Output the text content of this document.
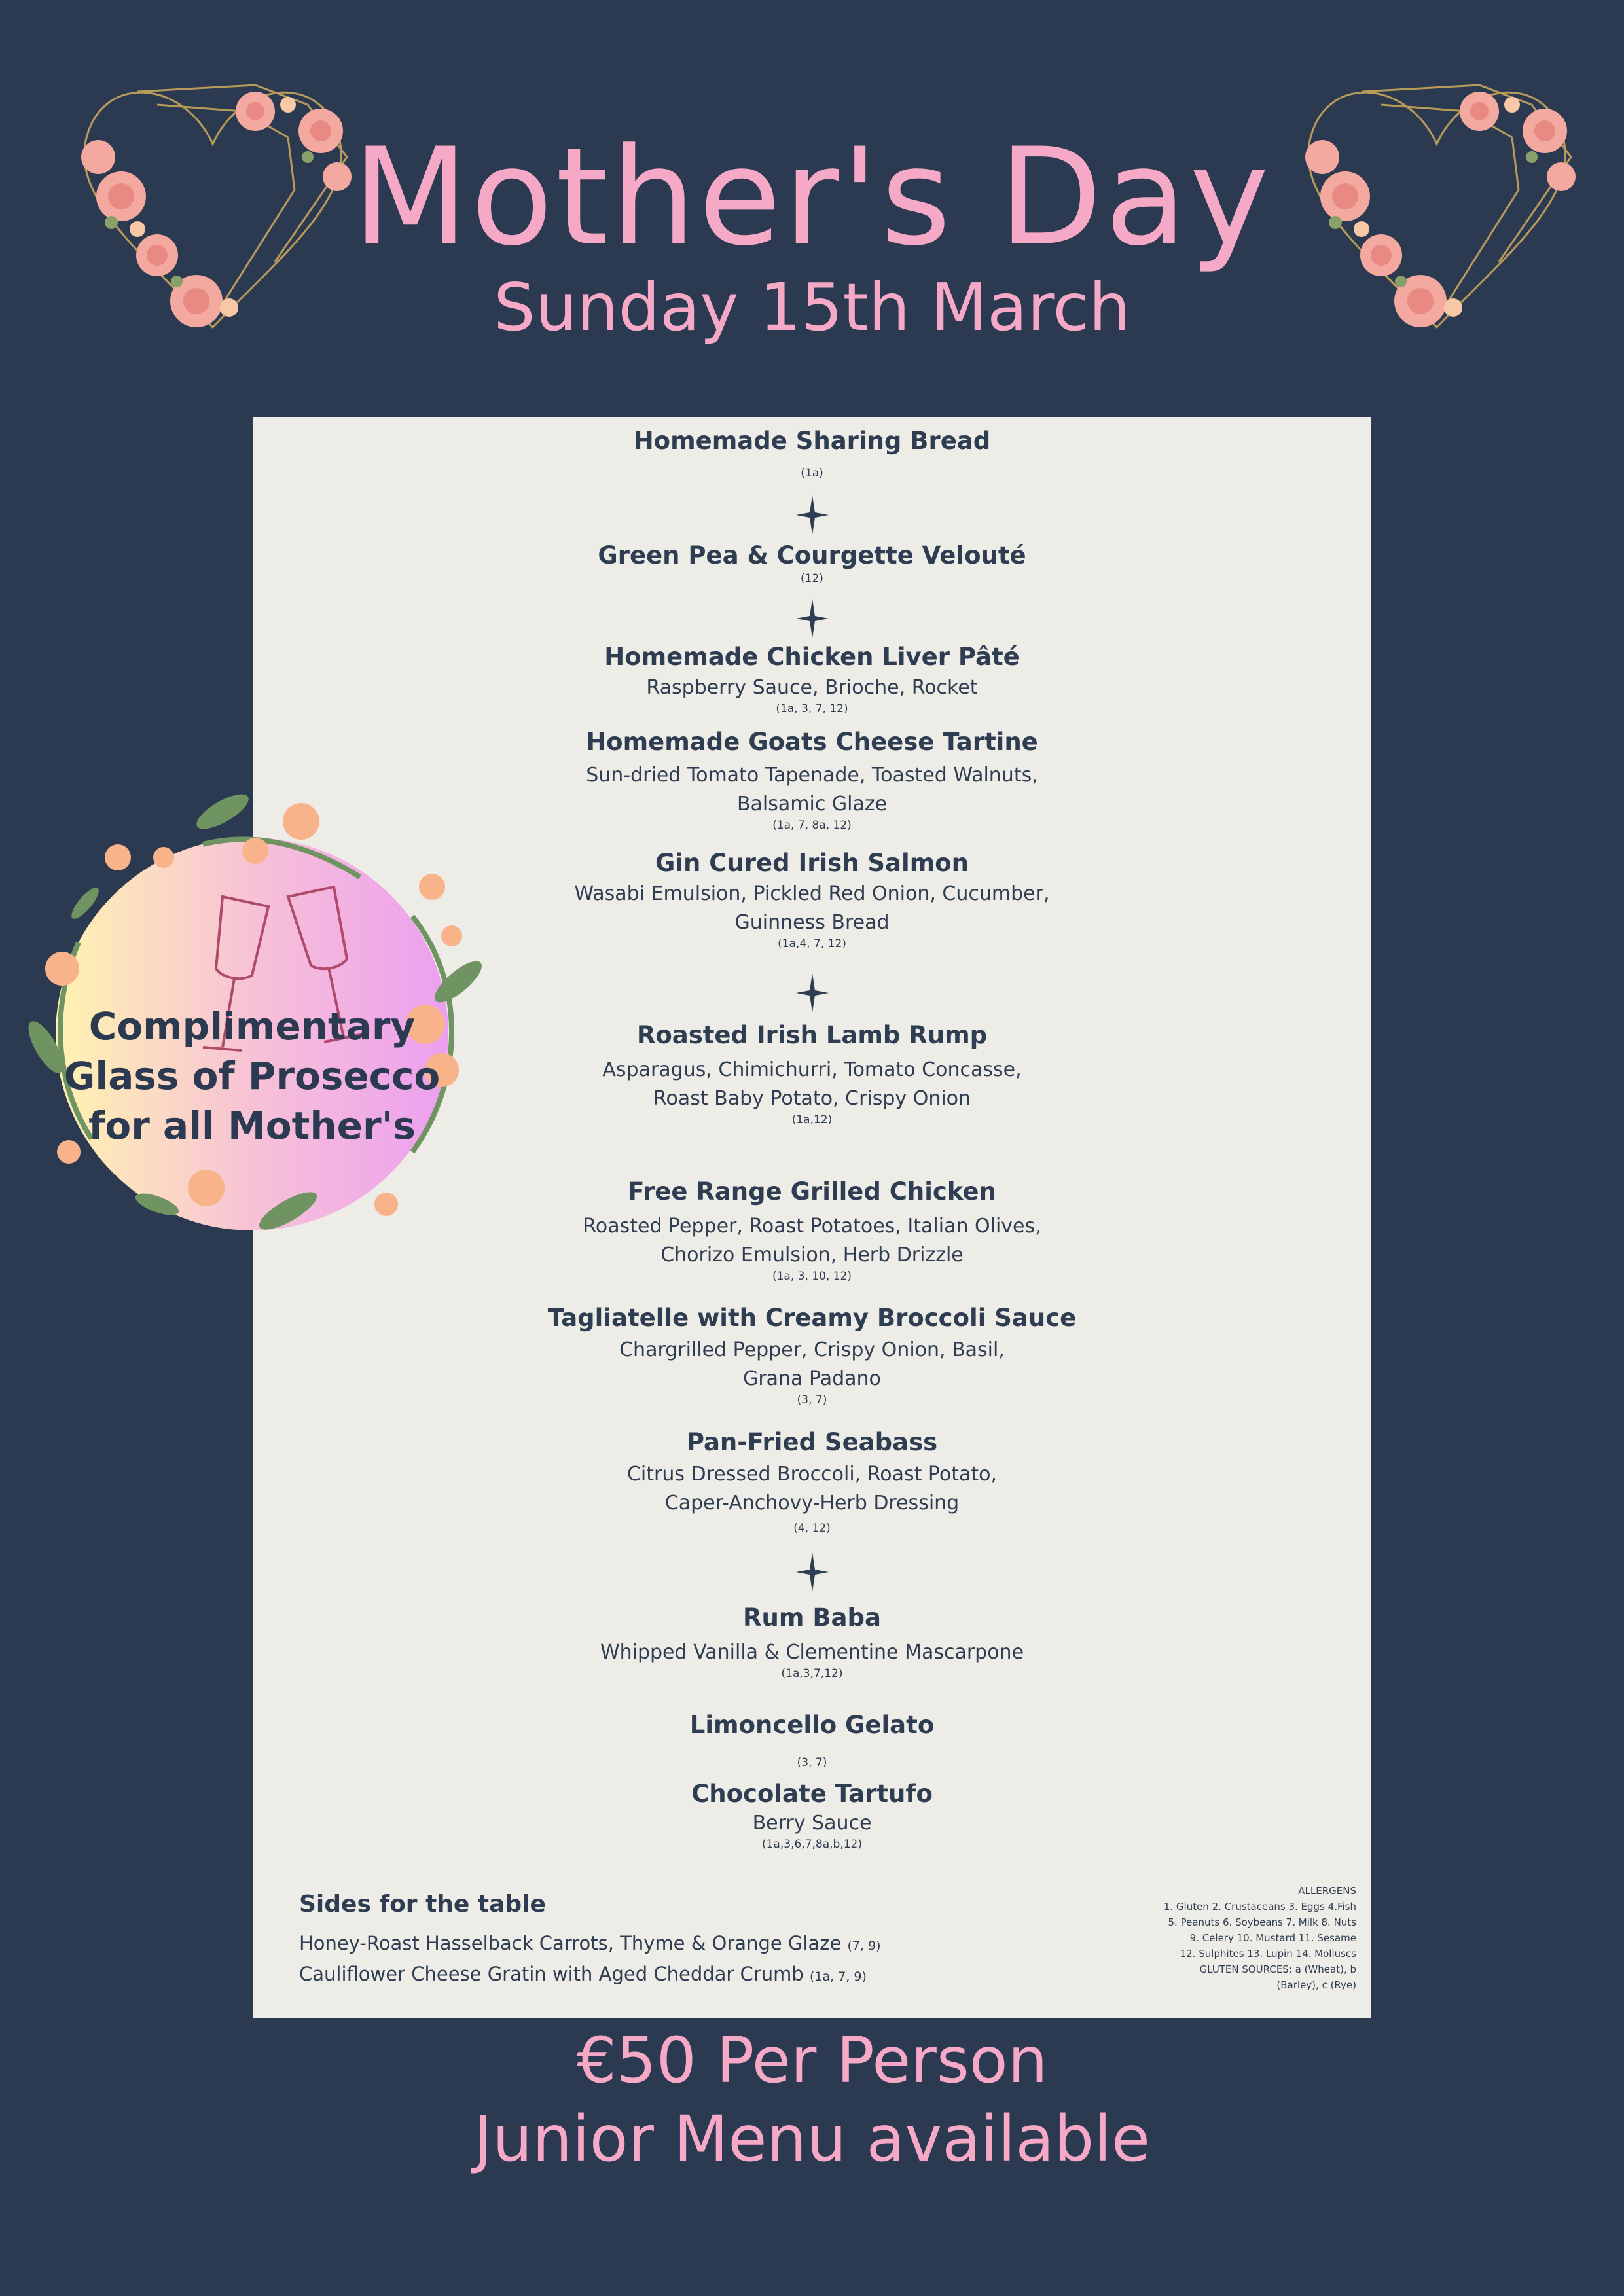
Mother's Day
Sunday 15th March
Homemade Sharing Bread
(1a)
Green Pea & Courgette Velouté
(12)
Homemade Chicken Liver Pâté
Raspberry Sauce, Brioche, Rocket
(1a, 3, 7, 12)
Homemade Goats Cheese Tartine
Sun-dried Tomato Tapenade, Toasted Walnuts,
Balsamic Glaze
(1a, 7, 8a, 12)
Gin Cured Irish Salmon
Wasabi Emulsion, Pickled Red Onion, Cucumber,
Guinness Bread
(1a,4, 7, 12)
Roasted Irish Lamb Rump
Asparagus, Chimichurri, Tomato Concasse,
Roast Baby Potato, Crispy Onion
(1a,12)
Free Range Grilled Chicken
Roasted Pepper, Roast Potatoes, Italian Olives,
Chorizo Emulsion, Herb Drizzle
(1a, 3, 10, 12)
Tagliatelle with Creamy Broccoli Sauce
Chargrilled Pepper, Crispy Onion, Basil,
Grana Padano
(3, 7)
Pan-Fried Seabass
Citrus Dressed Broccoli, Roast Potato,
Caper-Anchovy-Herb Dressing
(4, 12)
Rum Baba
Whipped Vanilla & Clementine Mascarpone
(1a,3,7,12)
Limoncello Gelato
(3, 7)
Chocolate Tartufo
Berry Sauce
(1a,3,6,7,8a,b,12)
Sides for the table
Honey-Roast Hasselback Carrots, Thyme & Orange Glaze (7, 9)
Cauliflower Cheese Gratin with Aged Cheddar Crumb (1a, 7, 9)
ALLERGENS
1. Gluten 2. Crustaceans 3. Eggs 4.Fish
5. Peanuts 6. Soybeans 7. Milk 8. Nuts
9. Celery 10. Mustard 11. Sesame
12. Sulphites 13. Lupin 14. Molluscs
GLUTEN SOURCES: a (Wheat), b
(Barley), c (Rye)
Complimentary
Glass of Prosecco
for all Mother's
€50 Per Person
Junior Menu available
